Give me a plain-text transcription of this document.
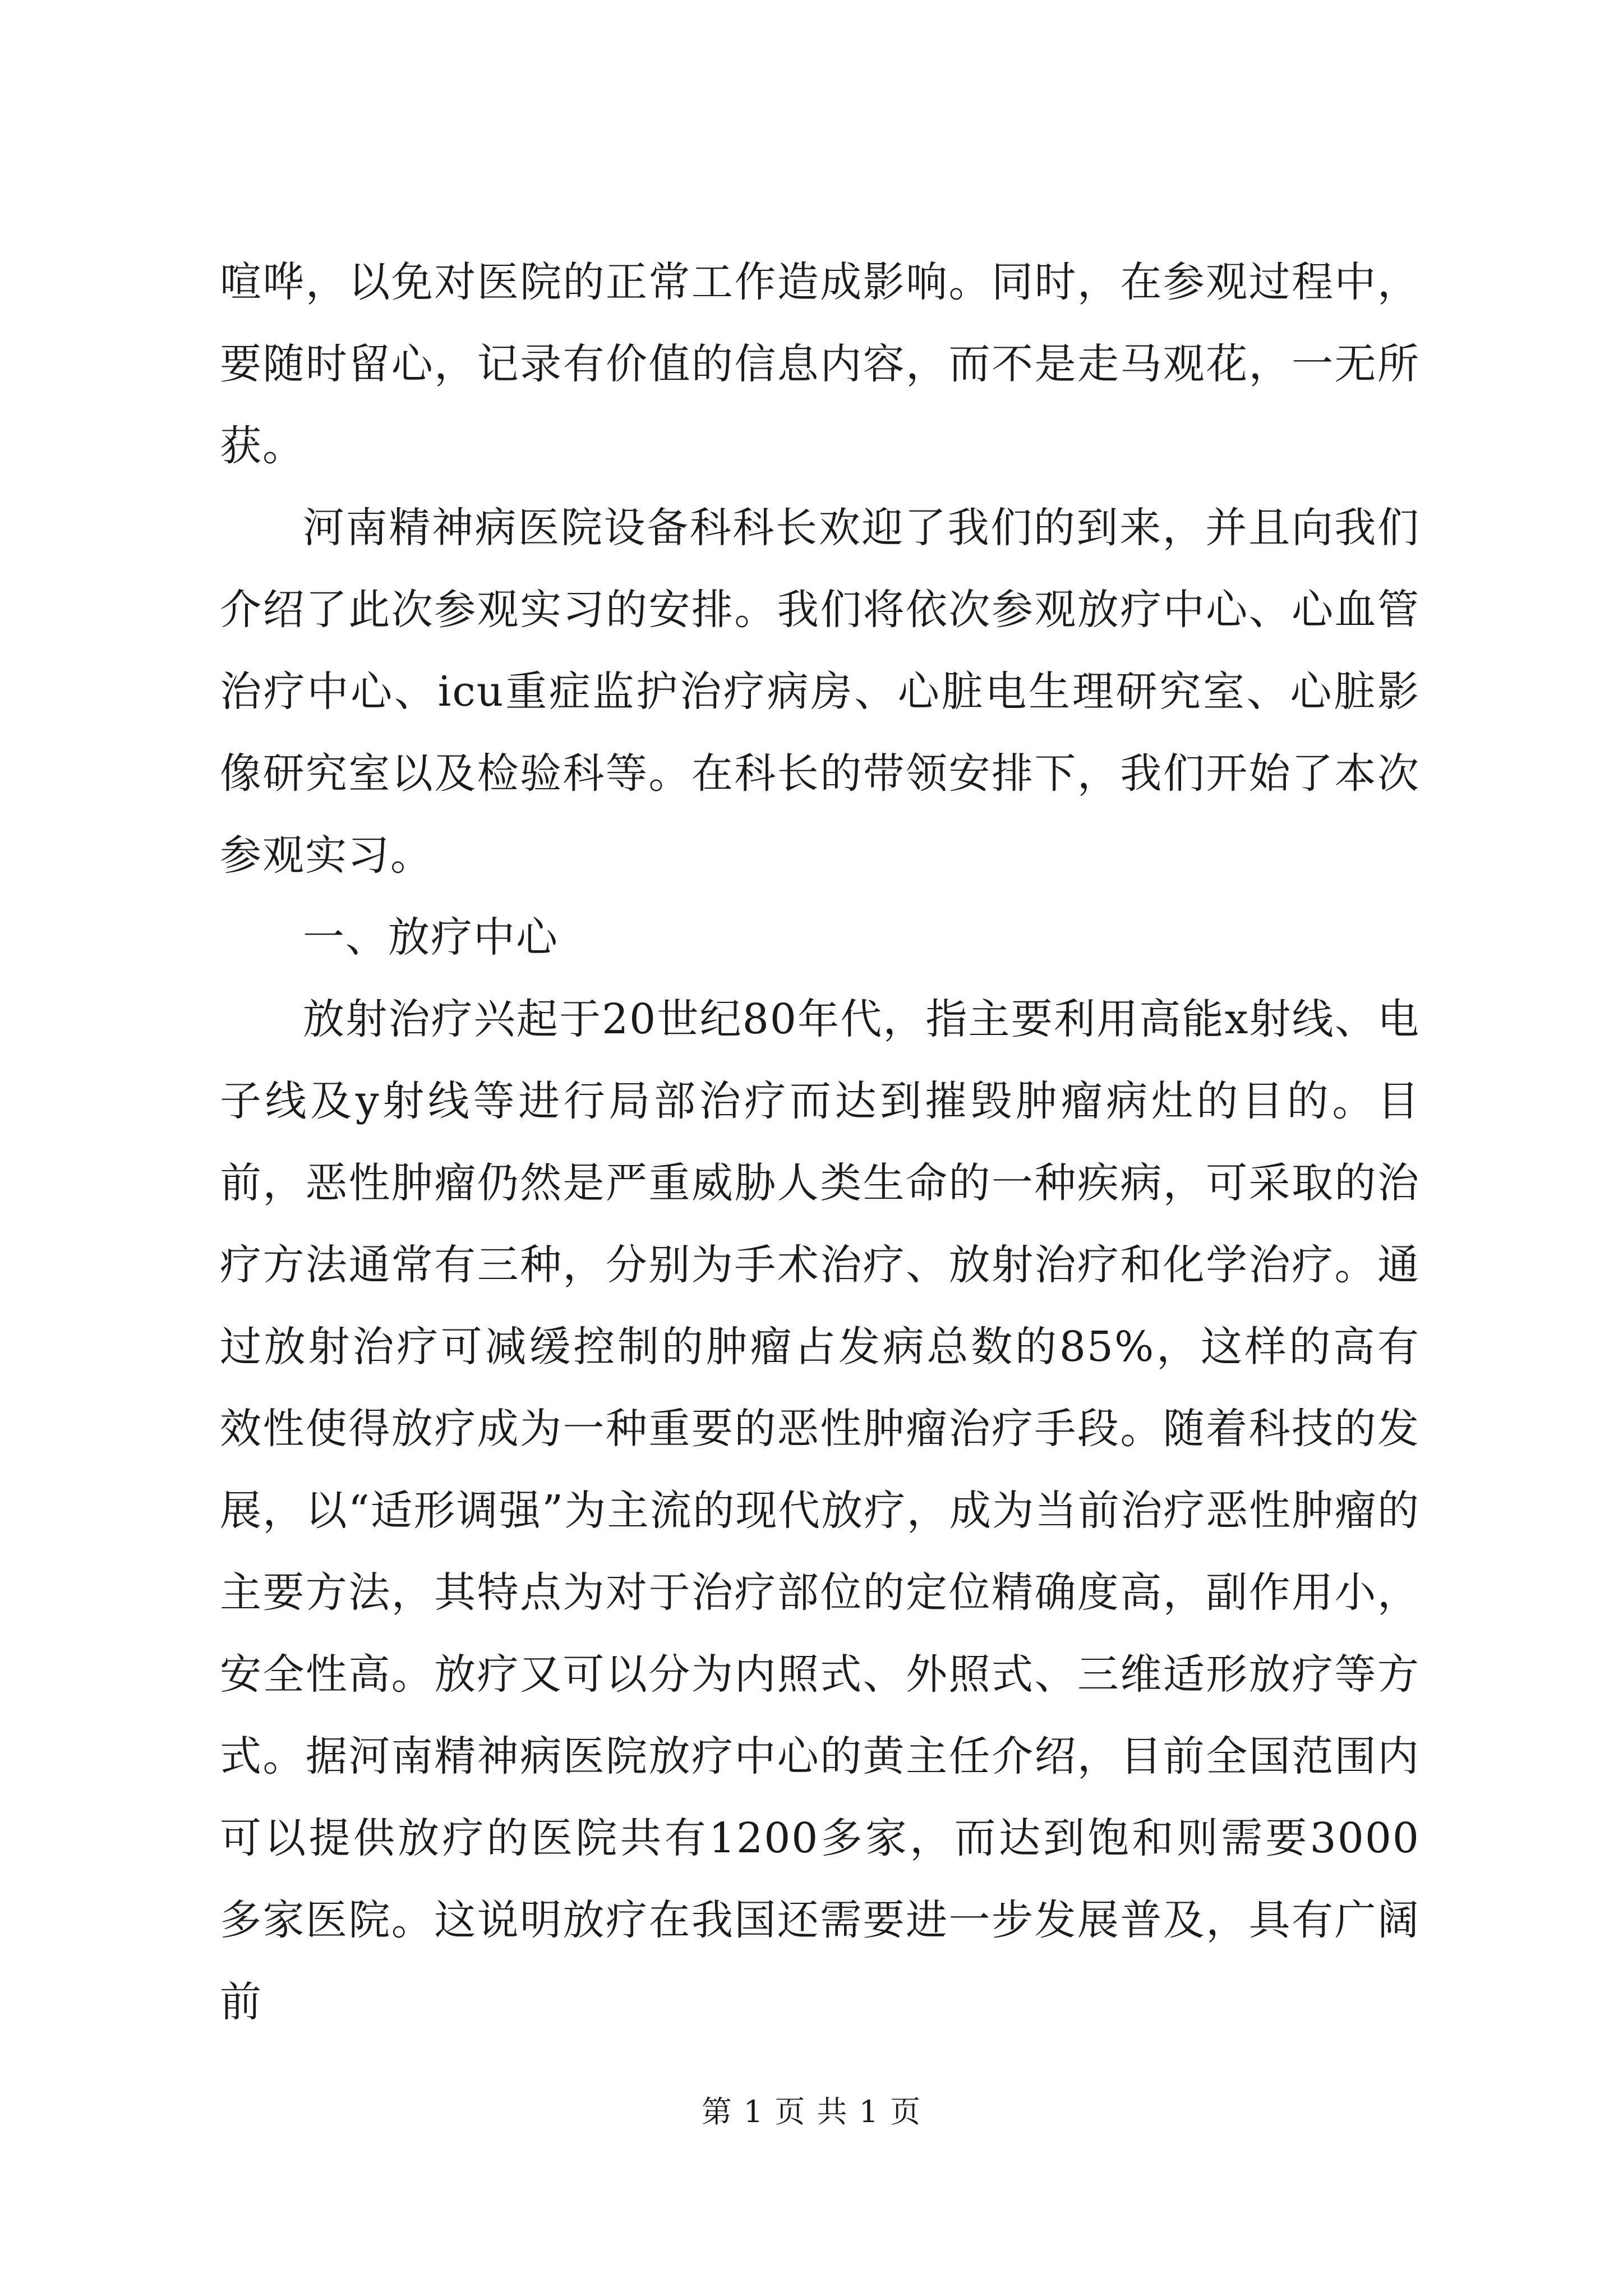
喧哗，以免对医院的正常工作造成影响。同时，在参观过程中，要随时留心，记录有价值的信息内容，而不是走马观花，一无所获。

河南精神病医院设备科科长欢迎了我们的到来，并且向我们介绍了此次参观实习的安排。我们将依次参观放疗中心、心血管治疗中心、icu重症监护治疗病房、心脏电生理研究室、心脏影像研究室以及检验科等。在科长的带领安排下，我们开始了本次参观实习。

一、放疗中心

放射治疗兴起于20世纪80年代，指主要利用高能x射线、电子线及y射线等进行局部治疗而达到摧毁肿瘤病灶的目的。目前，恶性肿瘤仍然是严重威胁人类生命的一种疾病，可采取的治疗方法通常有三种，分别为手术治疗、放射治疗和化学治疗。通过放射治疗可减缓控制的肿瘤占发病总数的85%，这样的高有效性使得放疗成为一种重要的恶性肿瘤治疗手段。随着科技的发展，以“适形调强”为主流的现代放疗，成为当前治疗恶性肿瘤的主要方法，其特点为对于治疗部位的定位精确度高，副作用小，安全性高。放疗又可以分为内照式、外照式、三维适形放疗等方式。据河南精神病医院放疗中心的黄主任介绍，目前全国范围内可以提供放疗的医院共有1200多家，而达到饱和则需要3000多家医院。这说明放疗在我国还需要进一步发展普及，具有广阔前

第 1 页 共 1 页
